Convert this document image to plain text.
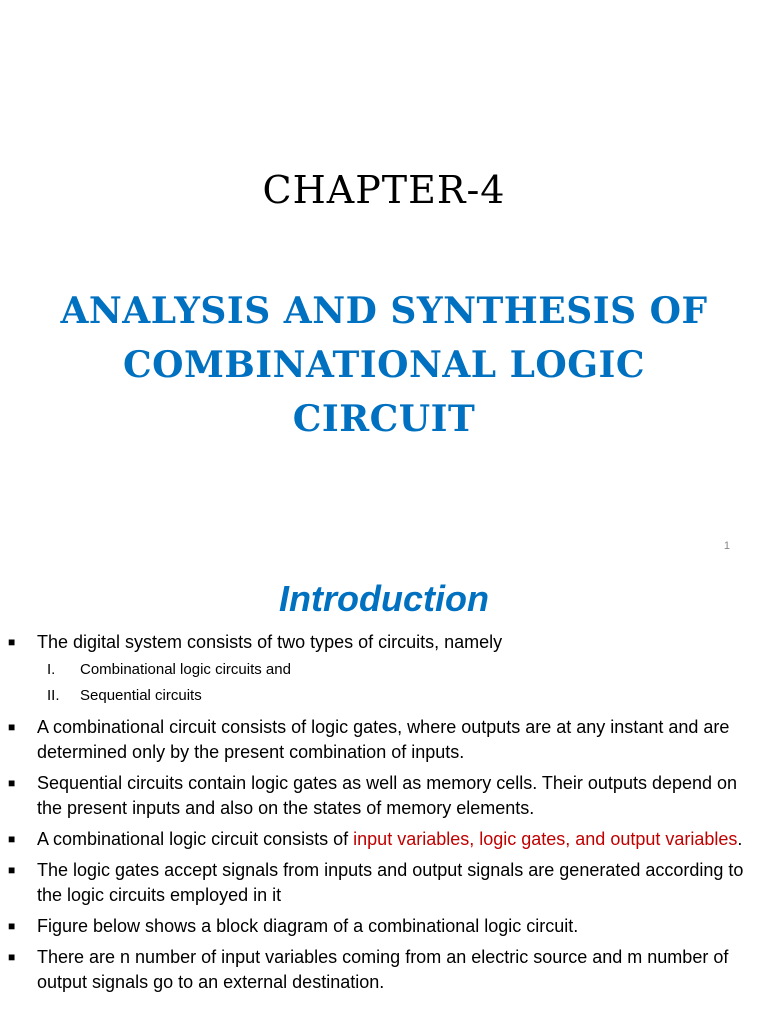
CHAPTER-4
ANALYSIS AND SYNTHESIS OF
COMBINATIONAL LOGIC CIRCUIT
1
Introduction
■ The digital system consists of two types of circuits, namely
I. Combinational logic circuits and
II. Sequential circuits
■ A combinational circuit consists of logic gates, where outputs are at any instant and are determined only by the present combination of inputs.
■ Sequential circuits contain logic gates as well as memory cells. Their outputs depend on the present inputs and also on the states of memory elements.
■ A combinational logic circuit consists of input variables, logic gates, and output variables.
■ The logic gates accept signals from inputs and output signals are generated according to the logic circuits employed in it
■ Figure below shows a block diagram of a combinational logic circuit.
■ There are n number of input variables coming from an electric source and m number of output signals go to an external destination.
